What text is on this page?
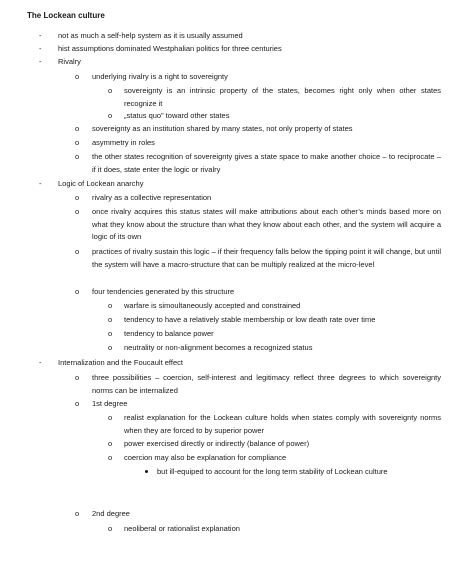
The Lockean culture
- not as much a self-help system as it is usually assumed
- hist assumptions dominated Westphalian politics for three centuries
- Rivalry
o underlying rivalry is a right to sovereignty
o sovereignty is an intrinsic property of the states, becomes right only when other states recognize it
o „status quo” toward other states
o sovereignty as an institution shared by many states, not only property of states
o asymmetry in roles
o the other states recognition of sovereignty gives a state space to make another choice – to reciprocate – if it does, state enter the logic or rivalry
- Logic of Lockean anarchy
o rivalry as a collective representation
o once rivalry acquires this status states will make attributions about each other’s minds based more on what they know about the structure than what they know about each other, and the system will acquire a logic of its own
o practices of rivalry sustain this logic – if their frequency falls below the tipping point it will change, but until the system will have a macro-structure that can be multiply realized at the micro-level
o four tendencies generated by this structure
o warfare is simoultaneously accepted and constrained
o tendency to have a relatively stable membership or low death rate over time
o tendency to balance power
o neutrality or non-alignment becomes a recognized status
- Internalization and the Foucault effect
o three possibilities – coercion, self-interest and legitimacy reflect three degrees to which sovereignty norms can be internalized
o 1st degree
o realist explanation for the Lockean culture holds when states comply with sovereignty norms when they are forced to by superior power
o power exercised directly or indirectly (balance of power)
o coercion may also be explanation for compliance
but ill-equiped to account for the long term stability of Lockean culture
o 2nd degree
o neoliberal or rationalist explanation
